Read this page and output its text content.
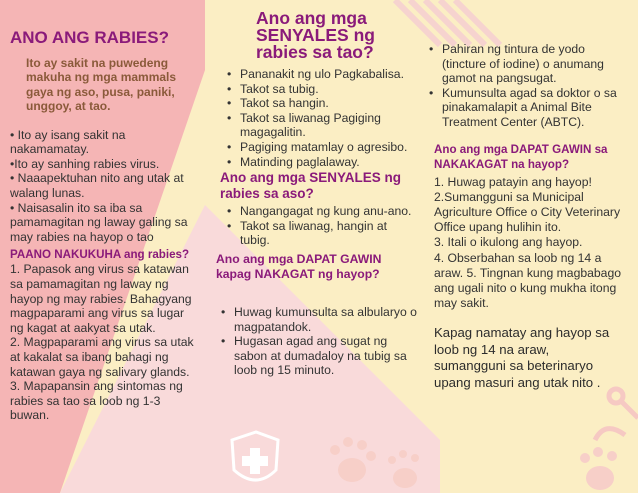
ANO ANG RABIES?
Ito ay sakit na puwedeng makuha ng mga mammals gaya ng aso, pusa, paniki, unggoy, at tao.
• Ito ay isang sakit na nakamamatay.
•Ito ay sanhing rabies virus.
• Naaapektuhan nito ang utak at walang lunas.
• Naisasalin ito sa iba sa pamamagitan ng laway galing sa may rabies na hayop o tao
PAANO NAKUKUHA ang rabies?

1. Papasok ang virus sa katawan sa pamamagitan ng laway ng hayop ng may rabies. Bahagyang magpaparami ang virus sa lugar ng kagat at aakyat sa utak.

2. Magpaparami ang virus sa utak at kakalat sa ibang bahagi ng katawan gaya ng salivary glands.

3. Mapapansin ang sintomas ng rabies sa tao sa loob ng 1-3 buwan.

Ano ang mga SENYALES ng rabies sa tao?
• Pananakit ng ulo Pagkabalisa.
• Takot sa tubig.
• Takot sa hangin.
• Takot sa liwanag Pagiging magagalitin.
• Pagiging matamlay o agresibo.
• Matinding paglalaway.
Ano ang mga SENYALES ng rabies sa aso?
• Nangangagat ng kung anu-ano.
• Takot sa liwanag, hangin at tubig.
Ano ang mga DAPAT GAWIN kapag NAKAGAT ng hayop?
• Huwag kumunsulta sa albularyo o magpatandok.
• Hugasan agad ang sugat ng sabon at dumadaloy na tubig sa loob ng 15 minuto.
• Pahiran ng tintura de yodo (tincture of iodine) o anumang gamot na pangsugat.
• Kumunsulta agad sa doktor o sa pinakamalapit a Animal Bite Treatment Center (ABTC).
Ano ang mga DAPAT GAWIN sa NAKAKAGAT na hayop?

1. Huwag patayin ang hayop!

2.Sumangguni sa Municipal Agriculture Office o City Veterinary Office upang hulihin ito.

3. Itali o ikulong ang hayop.

4. Obserbahan sa loob ng 14 a araw. 5. Tingnan kung magbabago ang ugali nito o kung mukha itong may sakit.

Kapag namatay ang hayop sa loob ng 14 na araw, sumangguni sa beterinaryo upang masuri ang utak nito .
